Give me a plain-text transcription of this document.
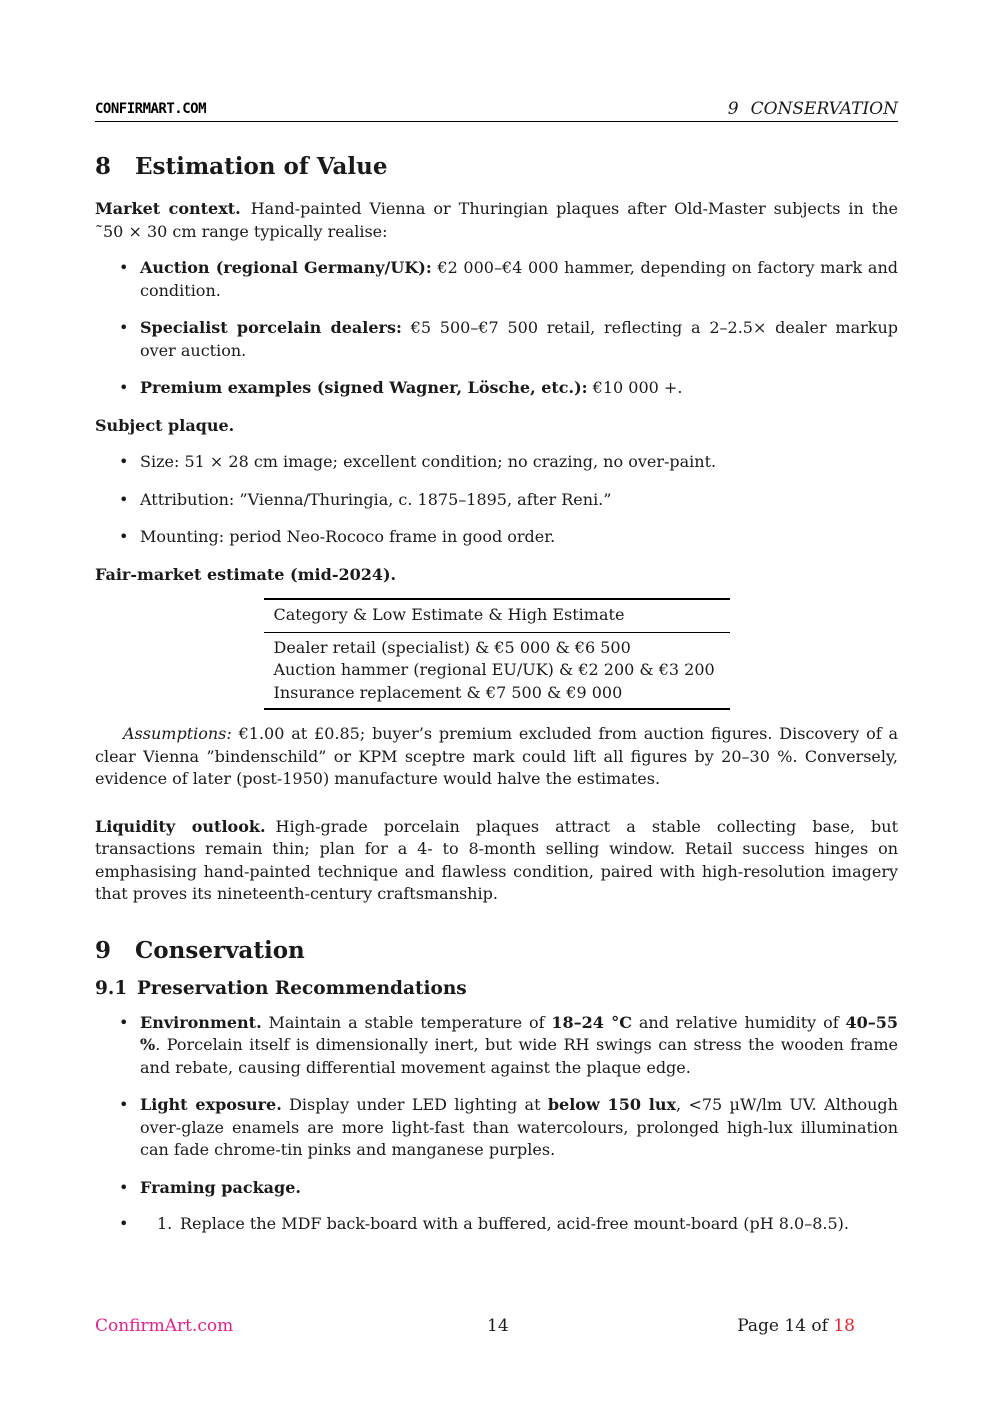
CONFIRMART.COM	9 CONSERVATION
8 Estimation of Value

Market context. Hand-painted Vienna or Thuringian plaques after Old-Master subjects in the ˜50 × 30 cm range typically realise:

• Auction (regional Germany/UK): €2 000–€4 000 hammer, depending on factory mark and condition.
• Specialist porcelain dealers: €5 500–€7 500 retail, reflecting a 2–2.5× dealer markup over auction.
• Premium examples (signed Wagner, Lösche, etc.): €10 000 +.

Subject plaque.

• Size: 51 × 28 cm image; excellent condition; no crazing, no over-paint.
• Attribution: ”Vienna/Thuringia, c. 1875–1895, after Reni.”
• Mounting: period Neo-Rococo frame in good order.

Fair-market estimate (mid-2024).

Category & Low Estimate & High Estimate
Dealer retail (specialist) & €5 000 & €6 500
Auction hammer (regional EU/UK) & €2 200 & €3 200
Insurance replacement & €7 500 & €9 000

Assumptions: €1.00 at £0.85; buyer’s premium excluded from auction figures. Discovery of a clear Vienna ”bindenschild” or KPM sceptre mark could lift all figures by 20–30 %. Conversely, evidence of later (post-1950) manufacture would halve the estimates.

Liquidity outlook. High-grade porcelain plaques attract a stable collecting base, but transactions remain thin; plan for a 4- to 8-month selling window. Retail success hinges on emphasising hand-painted technique and flawless condition, paired with high-resolution imagery that proves its nineteenth-century craftsmanship.

9 Conservation
9.1 Preservation Recommendations
• Environment. Maintain a stable temperature of 18–24 °C and relative humidity of 40–55 %. Porcelain itself is dimensionally inert, but wide RH swings can stress the wooden frame and rebate, causing differential movement against the plaque edge.
• Light exposure. Display under LED lighting at below 150 lux, <75 µW/lm UV. Although over-glaze enamels are more light-fast than watercolours, prolonged high-lux illumination can fade chrome-tin pinks and manganese purples.
• Framing package.
• 1. Replace the MDF back-board with a buffered, acid-free mount-board (pH 8.0–8.5).
ConfirmArt.com	14	Page 14 of 18
